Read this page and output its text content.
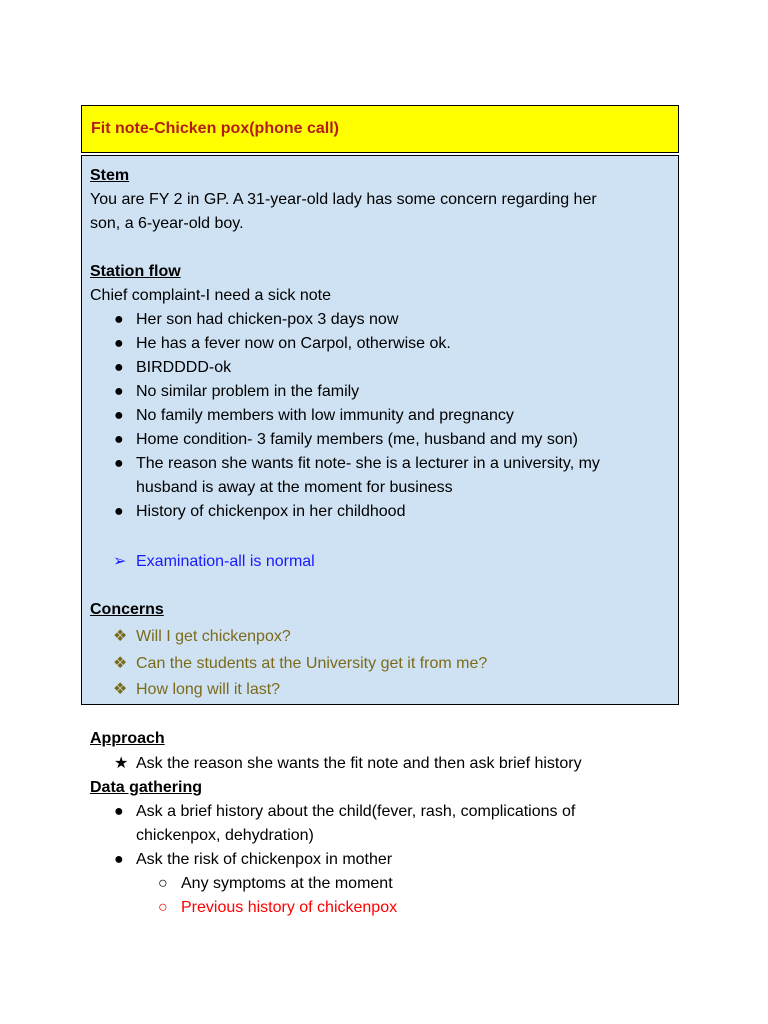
Fit note-Chicken pox(phone call)
Stem
You are FY 2 in GP. A 31-year-old lady has some concern regarding her
son, a 6-year-old boy.
Station flow
Chief complaint-I need a sick note
● Her son had chicken-pox 3 days now
● He has a fever now on Carpol, otherwise ok.
● BIRDDDD-ok
● No similar problem in the family
● No family members with low immunity and pregnancy
● Home condition- 3 family members (me, husband and my son)
● The reason she wants fit note- she is a lecturer in a university, my
husband is away at the moment for business
● History of chickenpox in her childhood
➢ Examination-all is normal
Concerns
❖ Will I get chickenpox?
❖ Can the students at the University get it from me?
❖ How long will it last?
Approach
★ Ask the reason she wants the fit note and then ask brief history
Data gathering
● Ask a brief history about the child(fever, rash, complications of
chickenpox, dehydration)
● Ask the risk of chickenpox in mother
○ Any symptoms at the moment
○ Previous history of chickenpox
